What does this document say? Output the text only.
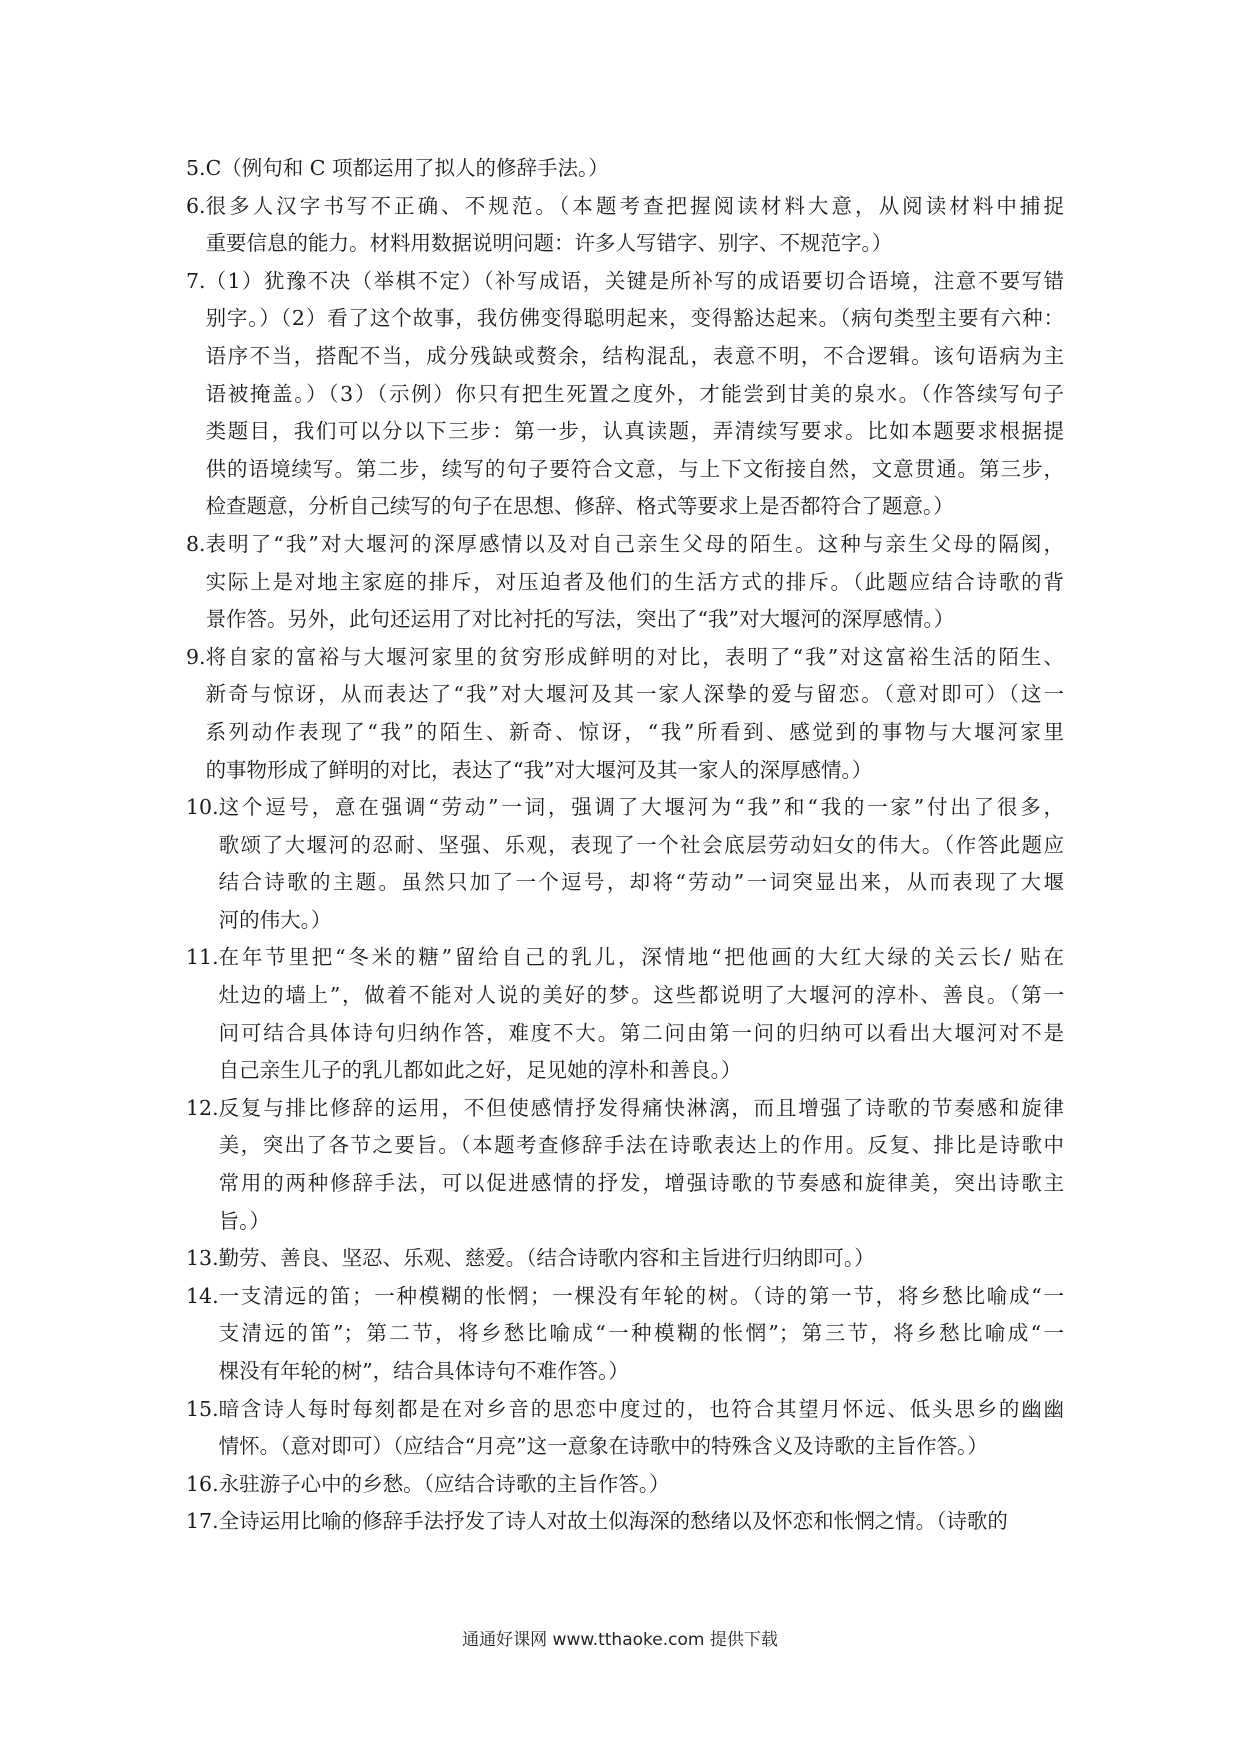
5. C（例句和 C 项都运用了拟人的修辞手法。）
6. 很多人汉字书写不正确、不规范。（本题考查把握阅读材料大意，从阅读材料中捕捉
重要信息的能力。材料用数据说明问题：许多人写错字、别字、不规范字。）
7. （1）犹豫不决（举棋不定）（补写成语，关键是所补写的成语要切合语境，注意不要写错
别字。）（2）看了这个故事，我仿佛变得聪明起来，变得豁达起来。（病句类型主要有六种：
语序不当，搭配不当，成分残缺或赘余，结构混乱，表意不明，不合逻辑。该句语病为主
语被掩盖。）（3）（示例）你只有把生死置之度外，才能尝到甘美的泉水。（作答续写句子
类题目，我们可以分以下三步：第一步，认真读题，弄清续写要求。比如本题要求根据提
供的语境续写。第二步，续写的句子要符合文意，与上下文衔接自然，文意贯通。第三步，
检查题意，分析自己续写的句子在思想、修辞、格式等要求上是否都符合了题意。）
8. 表明了“我”对大堰河的深厚感情以及对自己亲生父母的陌生。这种与亲生父母的隔阂，
实际上是对地主家庭的排斥，对压迫者及他们的生活方式的排斥。（此题应结合诗歌的背
景作答。另外，此句还运用了对比衬托的写法，突出了“我”对大堰河的深厚感情。）
9. 将自家的富裕与大堰河家里的贫穷形成鲜明的对比，表明了“我”对这富裕生活的陌生、
新奇与惊讶，从而表达了“我”对大堰河及其一家人深挚的爱与留恋。（意对即可）（这一
系列动作表现了“我”的陌生、新奇、惊讶，“我”所看到、感觉到的事物与大堰河家里
的事物形成了鲜明的对比，表达了“我”对大堰河及其一家人的深厚感情。）
10. 这个逗号，意在强调“劳动”一词，强调了大堰河为“我”和“我的一家”付出了很多，
歌颂了大堰河的忍耐、坚强、乐观，表现了一个社会底层劳动妇女的伟大。（作答此题应
结合诗歌的主题。虽然只加了一个逗号，却将“劳动”一词突显出来，从而表现了大堰
河的伟大。）
11. 在年节里把“冬米的糖”留给自己的乳儿，深情地“把他画的大红大绿的关云长/ 贴在
灶边的墙上”，做着不能对人说的美好的梦。这些都说明了大堰河的淳朴、善良。（第一
问可结合具体诗句归纳作答，难度不大。第二问由第一问的归纳可以看出大堰河对不是
自己亲生儿子的乳儿都如此之好，足见她的淳朴和善良。）
12. 反复与排比修辞的运用，不但使感情抒发得痛快淋漓，而且增强了诗歌的节奏感和旋律
美，突出了各节之要旨。（本题考查修辞手法在诗歌表达上的作用。反复、排比是诗歌中
常用的两种修辞手法，可以促进感情的抒发，增强诗歌的节奏感和旋律美，突出诗歌主
旨。）
13. 勤劳、善良、坚忍、乐观、慈爱。（结合诗歌内容和主旨进行归纳即可。）
14. 一支清远的笛；一种模糊的怅惘；一棵没有年轮的树。（诗的第一节，将乡愁比喻成“一
支清远的笛”；第二节，将乡愁比喻成“一种模糊的怅惘”；第三节，将乡愁比喻成“一
棵没有年轮的树”，结合具体诗句不难作答。）
15. 暗含诗人每时每刻都是在对乡音的思恋中度过的，也符合其望月怀远、低头思乡的幽幽
情怀。（意对即可）（应结合“月亮”这一意象在诗歌中的特殊含义及诗歌的主旨作答。）
16. 永驻游子心中的乡愁。（应结合诗歌的主旨作答。）
17. 全诗运用比喻的修辞手法抒发了诗人对故土似海深的愁绪以及怀恋和怅惘之情。（诗歌的
通通好课网 www.tthaoke.com 提供下载
